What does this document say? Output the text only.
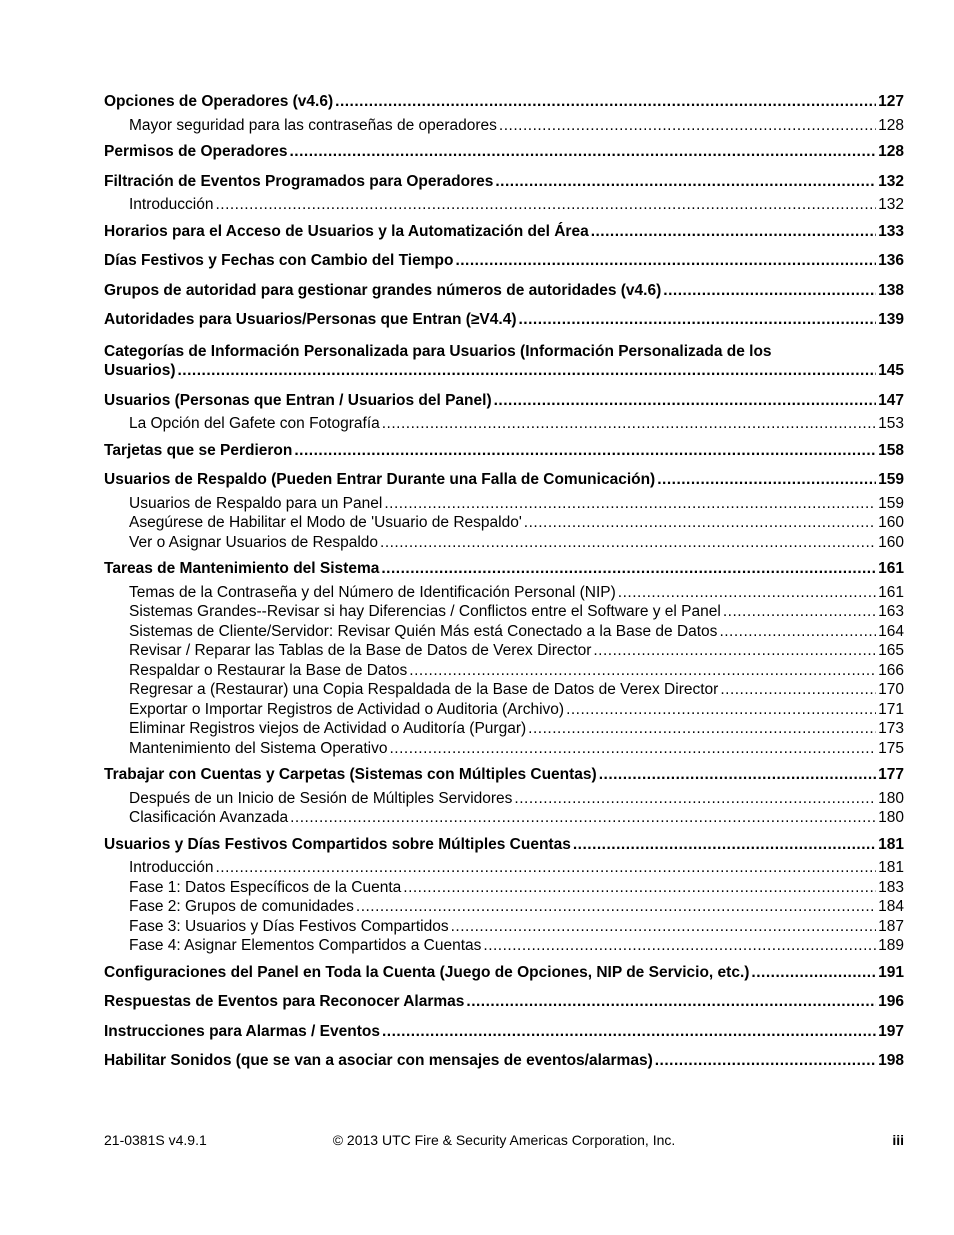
Opciones de Operadores (v4.6) .....	127
Mayor seguridad para las contraseñas de operadores .....	128
Permisos de Operadores .....	128
Filtración de Eventos Programados para Operadores .....	132
Introducción .....	132
Horarios para el Acceso de Usuarios y la Automatización del Área .....	133
Días Festivos y Fechas con Cambio del Tiempo .....	136
Grupos de autoridad para gestionar grandes números de autoridades (v4.6) .....	138
Autoridades para Usuarios/Personas que Entran (≥V4.4) .....	139
Categorías de Información Personalizada para Usuarios (Información Personalizada de los
Usuarios) .....	145
Usuarios (Personas que Entran / Usuarios del Panel) .....	147
La Opción del Gafete con Fotografía .....	153
Tarjetas que se Perdieron .....	158
Usuarios de Respaldo (Pueden Entrar Durante una Falla de Comunicación) .....	159
Usuarios de Respaldo para un Panel .....	159
Asegúrese de Habilitar el Modo de 'Usuario de Respaldo' .....	160
Ver o Asignar Usuarios de Respaldo .....	160
Tareas de Mantenimiento del Sistema .....	161
Temas de la Contraseña y del Número de Identificación Personal (NIP) .....	161
Sistemas Grandes--Revisar si hay Diferencias / Conflictos entre el Software y el Panel .....	163
Sistemas de Cliente/Servidor: Revisar Quién Más está Conectado a la Base de Datos .....	164
Revisar / Reparar las Tablas de la Base de Datos de Verex Director .....	165
Respaldar o Restaurar la Base de Datos .....	166
Regresar a (Restaurar) una Copia Respaldada de la Base de Datos de Verex Director .....	170
Exportar o Importar Registros de Actividad o Auditoria (Archivo) .....	171
Eliminar Registros viejos de Actividad o Auditoría (Purgar) .....	173
Mantenimiento del Sistema Operativo .....	175
Trabajar con Cuentas y Carpetas (Sistemas con Múltiples Cuentas) .....	177
Después de un Inicio de Sesión de Múltiples Servidores .....	180
Clasificación Avanzada .....	180
Usuarios y Días Festivos Compartidos sobre Múltiples Cuentas .....	181
Introducción .....	181
Fase 1: Datos Específicos de la Cuenta .....	183
Fase 2: Grupos de comunidades .....	184
Fase 3: Usuarios y Días Festivos Compartidos .....	187
Fase 4: Asignar Elementos Compartidos a Cuentas .....	189
Configuraciones del Panel en Toda la Cuenta (Juego de Opciones, NIP de Servicio, etc.) .....	191
Respuestas de Eventos para Reconocer Alarmas .....	196
Instrucciones para Alarmas / Eventos .....	197
Habilitar Sonidos (que se van a asociar con mensajes de eventos/alarmas) .....	198
21-0381S v4.9.1	© 2013 UTC Fire & Security Americas Corporation, Inc.	iii
